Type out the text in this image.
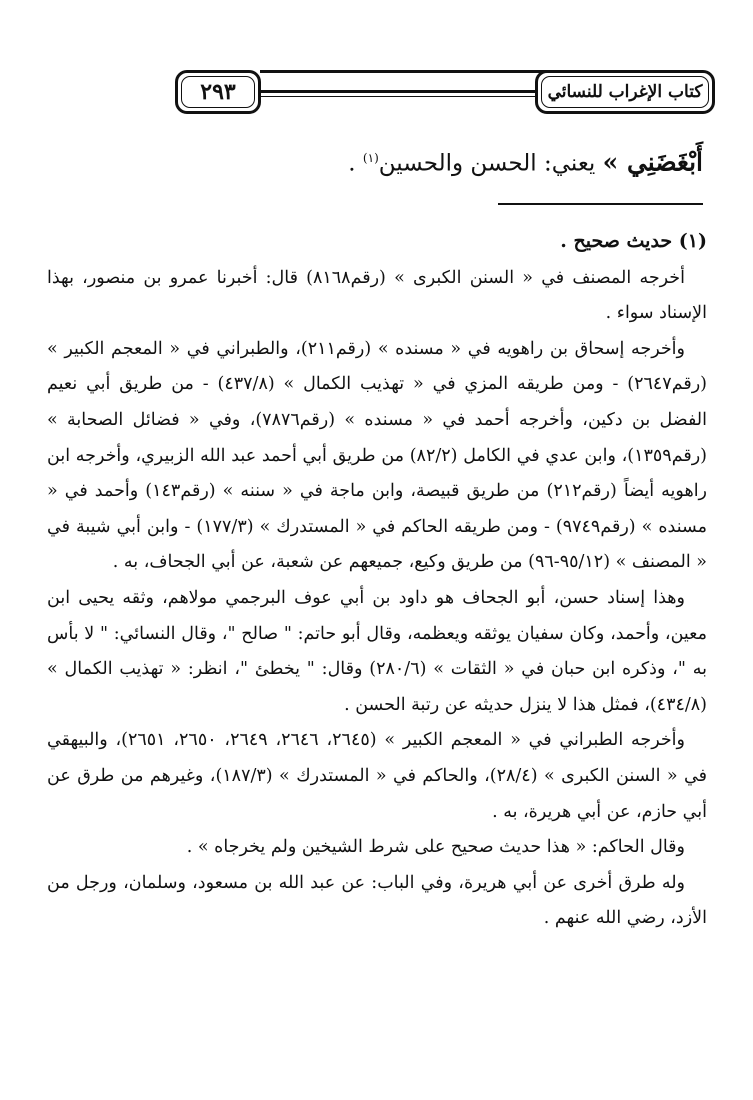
٢٩٣	كتاب الإغراب للنسائي
أَبْغَضَنِي » يعني: الحسن والحسين$^{(١)}$ .

(١) حديث صحيح .

أخرجه المصنف في « السنن الكبرى » (رقم٨١٦٨) قال: أخبرنا عمرو بن منصور، بهذا الإسناد سواء .

وأخرجه إسحاق بن راهويه في « مسنده » (رقم٢١١)، والطبراني في « المعجم الكبير » (رقم٢٦٤٧) - ومن طريقه المزي في « تهذيب الكمال » (٤٣٧/٨) - من طريق أبي نعيم الفضل بن دكين، وأخرجه أحمد في « مسنده » (رقم٧٨٧٦)، وفي « فضائل الصحابة » (رقم١٣٥٩)، وابن عدي في الكامل (٨٢/٢) من طريق أبي أحمد عبد الله الزبيري، وأخرجه ابن راهويه أيضاً (رقم٢١٢) من طريق قبيصة، وابن ماجة في « سننه » (رقم١٤٣) وأحمد في « مسنده » (رقم٩٧٤٩) - ومن طريقه الحاكم في « المستدرك » (١٧٧/٣) - وابن أبي شيبة في « المصنف » (٩٥/١٢-٩٦) من طريق وكيع، جميعهم عن شعبة، عن أبي الجحاف، به .

وهذا إسناد حسن، أبو الجحاف هو داود بن أبي عوف البرجمي مولاهم، وثقه يحيى ابن معين، وأحمد، وكان سفيان يوثقه ويعظمه، وقال أبو حاتم: " صالح "، وقال النسائي: " لا بأس به "، وذكره ابن حبان في « الثقات » (٢٨٠/٦) وقال: " يخطئ "، انظر: « تهذيب الكمال » (٤٣٤/٨)، فمثل هذا لا ينزل حديثه عن رتبة الحسن .

وأخرجه الطبراني في « المعجم الكبير » (٢٦٤٥، ٢٦٤٦، ٢٦٤٩، ٢٦٥٠، ٢٦٥١)، والبيهقي في « السنن الكبرى » (٢٨/٤)، والحاكم في « المستدرك » (١٨٧/٣)، وغيرهم من طرق عن أبي حازم، عن أبي هريرة، به .

وقال الحاكم: « هذا حديث صحيح على شرط الشيخين ولم يخرجاه » .

وله طرق أخرى عن أبي هريرة، وفي الباب: عن عبد الله بن مسعود، وسلمان، ورجل من الأزد، رضي الله عنهم .
